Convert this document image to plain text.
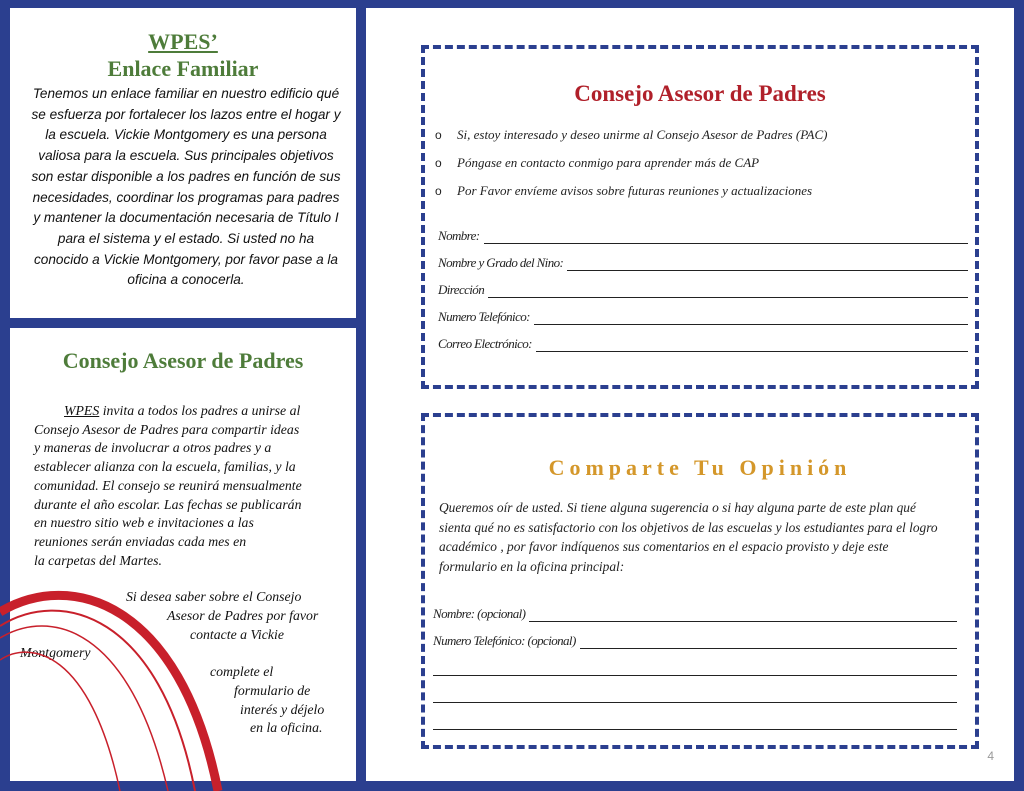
WPES’
Enlace Familiar
Tenemos un enlace familiar en nuestro edificio qué se esfuerza por fortalecer los lazos entre el hogar y la escuela. Vickie Montgomery es una persona valiosa para la escuela. Sus principales objetivos son estar disponible a los padres en función de sus necesidades, coordinar los programas para padres y mantener la documentación necesaria de Título I para el sistema y el estado. Si usted no ha conocido a Vickie Montgomery, por favor pase a la oficina a conocerla.
Consejo Asesor de Padres
WPES invita a todos los padres a unirse al
Consejo Asesor de Padres para compartir ideas
y maneras de involucrar a otros padres y a
establecer alianza con la escuela, familias, y la
comunidad. El consejo se reunirá mensualmente
durante el año escolar. Las fechas se publicarán
en nuestro sitio web e invitaciones a las
reuniones serán enviadas cada mes en
la carpetas del Martes.
Si desea saber sobre el Consejo
Asesor de Padres por favor
contacte a Vickie
Montgomery
complete el
formulario de
interés y déjelo
en la oficina.
Consejo Asesor de Padres
o	Si, estoy interesado y deseo unirme al Consejo Asesor de Padres (PAC)
o	Póngase en contacto conmigo para aprender más de CAP
o	Por Favor envíeme avisos sobre futuras reuniones y actualizaciones
Nombre:
Nombre y Grado del Nino:
Dirección
Numero Telefónico:
Correo Electrónico:
Comparte Tu Opinión
Queremos oír de usted. Si tiene alguna sugerencia o si hay alguna parte de este plan qué sienta qué no es satisfactorio con los objetivos de las escuelas y los estudiantes para el logro académico , por favor indíquenos sus comentarios en el espacio provisto y deje este formulario en la oficina principal:
Nombre: (opcional)
Numero Telefónico: (opcional)
4
